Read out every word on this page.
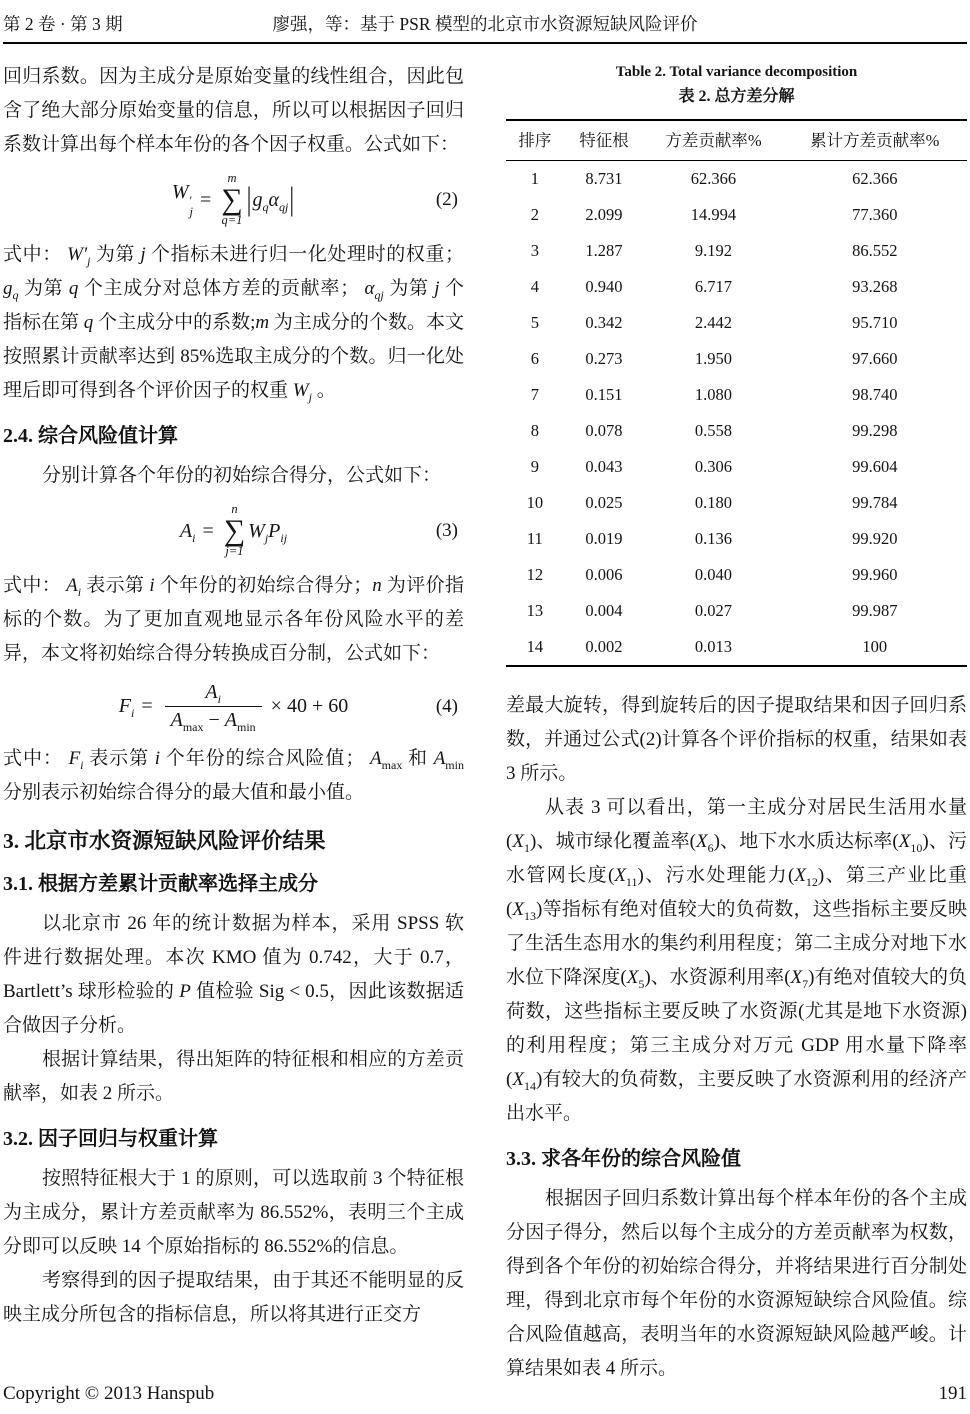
第 2 卷 · 第 3 期	廖强，等：基于 PSR 模型的北京市水资源短缺风险评价

回归系数。因为主成分是原始变量的线性组合，因此包含了绝大部分原始变量的信息，所以可以根据因子回归系数计算出每个样本年份的各个因子权重。公式如下：

W ′
j
=
m
∑
q=1
| $g_q$ $\alpha_{qj}$ |	(2)

式中： $W'_j$ 为第 j 个指标未进行归一化处理时的权重；$g_q$ 为第 q 个主成分对总体方差的贡献率； $\alpha_{qj}$ 为第 j 个指标在第 q 个主成分中的系数;m 为主成分的个数。本文按照累计贡献率达到 85%选取主成分的个数。归一化处理后即可得到各个评价因子的权重 $W_j$ 。

2.4. 综合风险值计算

分别计算各个年份的初始综合得分，公式如下：

$A_i$ =
n
∑
j=1
$W_j$ $P_{ij}$	(3)

式中： $A_i$ 表示第 i 个年份的初始综合得分；n 为评价指标的个数。为了更加直观地显示各年份风险水平的差异，本文将初始综合得分转换成百分制，公式如下：

$F_i = \frac{A_i}{A_{max} - A_{min}} \times 40 + 60$	(4)

式中： $F_i$ 表示第 i 个年份的综合风险值； $A_{max}$ 和 $A_{min}$ 分别表示初始综合得分的最大值和最小值。

3. 北京市水资源短缺风险评价结果
3.1. 根据方差累计贡献率选择主成分

以北京市 26 年的统计数据为样本，采用 SPSS 软件进行数据处理。本次 KMO 值为 0.742，大于 0.7，Bartlett’s 球形检验的 P 值检验 Sig < 0.5，因此该数据适合做因子分析。

根据计算结果，得出矩阵的特征根和相应的方差贡献率，如表 2 所示。

3.2. 因子回归与权重计算

按照特征根大于 1 的原则，可以选取前 3 个特征根为主成分，累计方差贡献率为 86.552%，表明三个主成分即可以反映 14 个原始指标的 86.552%的信息。

考察得到的因子提取结果，由于其还不能明显的反映主成分所包含的指标信息，所以将其进行正交方

Table 2. Total variance decomposition
表 2. 总方差分解
排序	特征根	方差贡献率%	累计方差贡献率%
1	8.731	62.366	62.366
2	2.099	14.994	77.360
3	1.287	9.192	86.552
4	0.940	6.717	93.268
5	0.342	2.442	95.710
6	0.273	1.950	97.660
7	0.151	1.080	98.740
8	0.078	0.558	99.298
9	0.043	0.306	99.604
10	0.025	0.180	99.784
11	0.019	0.136	99.920
12	0.006	0.040	99.960
13	0.004	0.027	99.987
14	0.002	0.013	100

差最大旋转，得到旋转后的因子提取结果和因子回归系数，并通过公式(2)计算各个评价指标的权重，结果如表 3 所示。

从表 3 可以看出，第一主成分对居民生活用水量$(X_1)$、城市绿化覆盖率$(X_6)$、地下水水质达标率$(X_{10})$、污水管网长度$(X_{11})$、污水处理能力$(X_{12})$、第三产业比重$(X_{13})$等指标有绝对值较大的负荷数，这些指标主要反映了生活生态用水的集约利用程度；第二主成分对地下水水位下降深度$(X_5)$、水资源利用率$(X_7)$有绝对值较大的负荷数，这些指标主要反映了水资源(尤其是地下水资源)的利用程度；第三主成分对万元 GDP 用水量下降率$(X_{14})$有较大的负荷数，主要反映了水资源利用的经济产出水平。

3.3. 求各年份的综合风险值

根据因子回归系数计算出每个样本年份的各个主成分因子得分，然后以每个主成分的方差贡献率为权数，得到各个年份的初始综合得分，并将结果进行百分制处理，得到北京市每个年份的水资源短缺综合风险值。综合风险值越高，表明当年的水资源短缺风险越严峻。计算结果如表 4 所示。

Copyright © 2013 Hanspub	191
